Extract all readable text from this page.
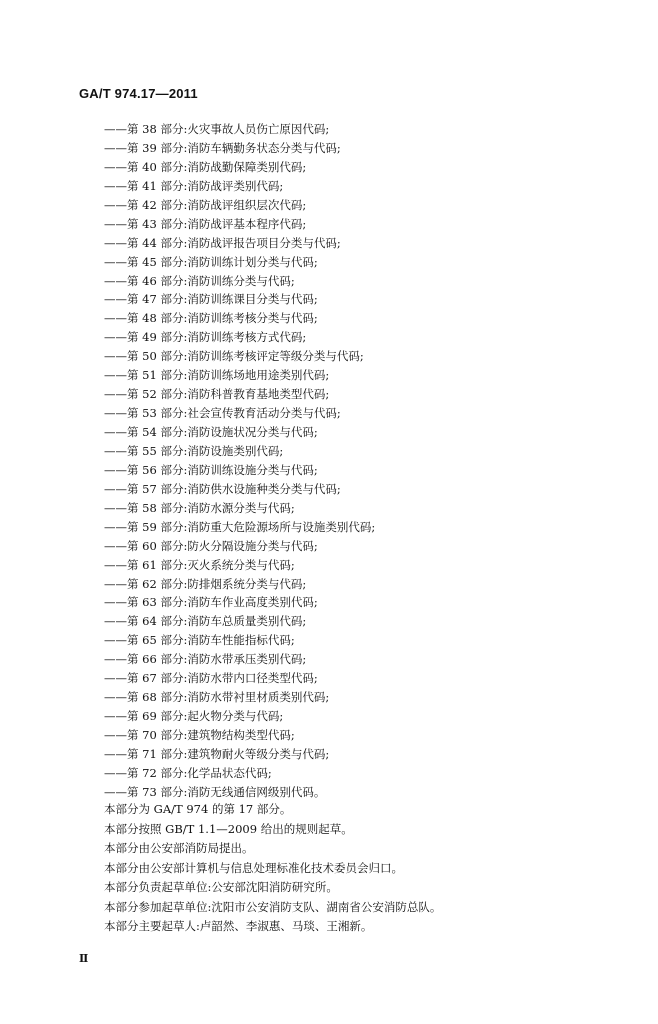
GA/T 974.17—2011
——第 38 部分:火灾事故人员伤亡原因代码;
——第 39 部分:消防车辆勤务状态分类与代码;
——第 40 部分:消防战勤保障类别代码;
——第 41 部分:消防战评类别代码;
——第 42 部分:消防战评组织层次代码;
——第 43 部分:消防战评基本程序代码;
——第 44 部分:消防战评报告项目分类与代码;
——第 45 部分:消防训练计划分类与代码;
——第 46 部分:消防训练分类与代码;
——第 47 部分:消防训练课目分类与代码;
——第 48 部分:消防训练考核分类与代码;
——第 49 部分:消防训练考核方式代码;
——第 50 部分:消防训练考核评定等级分类与代码;
——第 51 部分:消防训练场地用途类别代码;
——第 52 部分:消防科普教育基地类型代码;
——第 53 部分:社会宣传教育活动分类与代码;
——第 54 部分:消防设施状况分类与代码;
——第 55 部分:消防设施类别代码;
——第 56 部分:消防训练设施分类与代码;
——第 57 部分:消防供水设施种类分类与代码;
——第 58 部分:消防水源分类与代码;
——第 59 部分:消防重大危险源场所与设施类别代码;
——第 60 部分:防火分隔设施分类与代码;
——第 61 部分:灭火系统分类与代码;
——第 62 部分:防排烟系统分类与代码;
——第 63 部分:消防车作业高度类别代码;
——第 64 部分:消防车总质量类别代码;
——第 65 部分:消防车性能指标代码;
——第 66 部分:消防水带承压类别代码;
——第 67 部分:消防水带内口径类型代码;
——第 68 部分:消防水带衬里材质类别代码;
——第 69 部分:起火物分类与代码;
——第 70 部分:建筑物结构类型代码;
——第 71 部分:建筑物耐火等级分类与代码;
——第 72 部分:化学品状态代码;
——第 73 部分:消防无线通信网级别代码。

本部分为 GA/T 974 的第 17 部分。

本部分按照 GB/T 1.1—2009 给出的规则起草。

本部分由公安部消防局提出。

本部分由公安部计算机与信息处理标准化技术委员会归口。

本部分负责起草单位:公安部沈阳消防研究所。

本部分参加起草单位:沈阳市公安消防支队、湖南省公安消防总队。

本部分主要起草人:卢韶然、李淑惠、马琰、王湘新。

Ⅱ
